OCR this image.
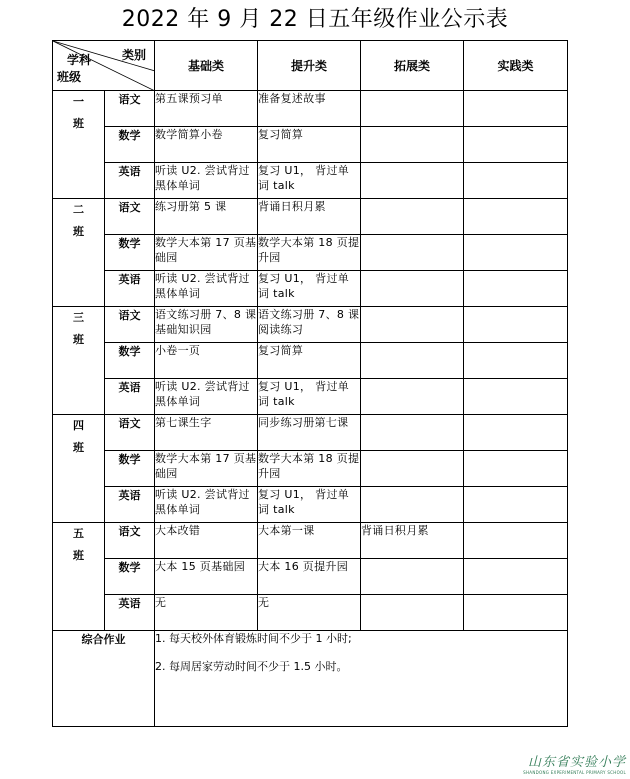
2022 年 9 月 22 日五年级作业公示表
学科 类别
班级		基础类	提升类	拓展类	实践类
一
班	语文	第五课预习单	准备复述故事		
	数学	数学简算小卷	复习简算		
	英语	听读 U2. 尝试背过黑体单词	复习 U1， 背过单词 talk		
二
班	语文	练习册第 5 课	背诵日积月累		
	数学	数学大本第 17 页基础园	数学大本第 18 页提升园		
	英语	听读 U2. 尝试背过黑体单词	复习 U1， 背过单词 talk		
三
班	语文	语文练习册 7、8 课基础知识园	语文练习册 7、8 课阅读练习		
	数学	小卷一页	复习简算		
	英语	听读 U2. 尝试背过黑体单词	复习 U1， 背过单词 talk		
四
班	语文	第七课生字	同步练习册第七课		
	数学	数学大本第 17 页基础园	数学大本第 18 页提升园		
	英语	听读 U2. 尝试背过黑体单词	复习 U1， 背过单词 talk		
五
班	语文	大本改错	大本第一课	背诵日积月累	
	数学	大本 15 页基础园	大本 16 页提升园		
	英语	无	无		
综合作业		1. 每天校外体育锻炼时间不少于 1 小时;

2. 每周居家劳动时间不少于 1.5 小时。			

山东省实验小学
SHANDONG EXPERIMENTAL PRIMARY SCHOOL
